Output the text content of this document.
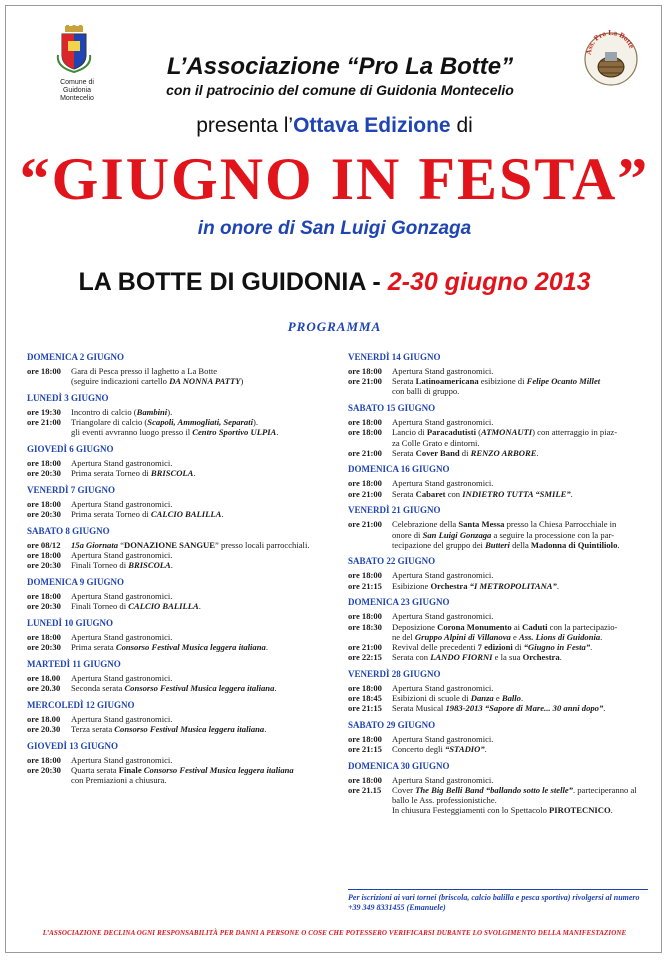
Comune di
Guidonia Montecelio
Ass. Pro La Botte
L’Associazione “Pro La Botte”
con il patrocinio del comune di Guidonia Montecelio
presenta l’Ottava Edizione di
“GIUGNO IN FESTA”
in onore di San Luigi Gonzaga
LA BOTTE DI GUIDONIA - 2-30 giugno 2013
PROGRAMMA
DOMENICA 2 GIUGNO
ore 18:00	Gara di Pesca presso il laghetto a La Botte
(seguire indicazioni cartello DA NONNA PATTY)
LUNEDÌ 3 GIUGNO
ore 19:30	Incontro di calcio (Bambini).
ore 21:00	Triangolare di calcio (Scapoli, Ammogliati, Separati).
gli eventi avvranno luogo presso il Centro Sportivo ULPIA.
GIOVEDÌ 6 GIUGNO
ore 18:00	Apertura Stand gastronomici.
ore 20:30	Prima serata Torneo di BRISCOLA.
VENERDÌ 7 GIUGNO
ore 18:00	Apertura Stand gastronomici.
ore 20:30	Prima serata Torneo di CALCIO BALILLA.
SABATO 8 GIUGNO
ore 08/12	15a Giornata “DONAZIONE SANGUE” presso locali parrocchiali.
ore 18:00	Apertura Stand gastronomici.
ore 20:30	Finali Torneo di BRISCOLA.
DOMENICA 9 GIUGNO
ore 18:00	Apertura Stand gastronomici.
ore 20:30	Finali Torneo di CALCIO BALILLA.
LUNEDÌ 10 GIUGNO
ore 18:00	Apertura Stand gastronomici.
ore 20:30	Prima serata Consorso Festival Musica leggera italiana.
MARTEDÌ 11 GIUGNO
ore 18.00	Apertura Stand gastronomici.
ore 20.30	Seconda serata Consorso Festival Musica leggera italiana.
MERCOLEDÌ 12 GIUGNO
ore 18.00	Apertura Stand gastronomici.
ore 20.30	Terza serata Consorso Festival Musica leggera italiana.
GIOVEDÌ 13 GIUGNO
ore 18:00	Apertura Stand gastronomici.
ore 20:30	Quarta serata Finale Consorso Festival Musica leggera italiana
con Premiazioni a chiusura.
VENERDÌ 14 GIUGNO
ore 18:00	Apertura Stand gastronomici.
ore 21:00	Serata Latinoamericana esibizione di Felipe Ocanto Millet
con balli di gruppo.
SABATO 15 GIUGNO
ore 18:00	Apertura Stand gastronomici.
ore 18:00	Lancio di Paracadutisti (ATMONAUTI) con atterraggio in piaz-
za Colle Grato e dintorni.
ore 21:00	Serata Cover Band di RENZO ARBORE.
DOMENICA 16 GIUGNO
ore 18:00	Apertura Stand gastronomici.
ore 21:00	Serata Cabaret con INDIETRO TUTTA “SMILE”.
VENERDÌ 21 GIUGNO
ore 21:00	Celebrazione della Santa Messa presso la Chiesa Parrocchiale in
onore di San Luigi Gonzaga a seguire la processione con la par-
tecipazione del gruppo dei Butteri della Madonna di Quintiliolo.
SABATO 22 GIUGNO
ore 18:00	Apertura Stand gastronomici.
ore 21:15	Esibizione Orchestra “I METROPOLITANA”.
DOMENICA 23 GIUGNO
ore 18:00	Apertura Stand gastronomici.
ore 18:30	Deposizione Corona Monumento ai Caduti con la partecipazio-
ne del Gruppo Alpini di Villanova e Ass. Lions di Guidonia.
ore 21:00	Revival delle precedenti 7 edizioni di “Giugno in Festa”.
ore 22:15	Serata con LANDO FIORNI e la sua Orchestra.
VENERDÌ 28 GIUGNO
ore 18:00	Apertura Stand gastronomici.
ore 18:45	Esibizioni di scuole di Danza e Ballo.
ore 21:15	Serata Musical 1983-2013 “Sapore di Mare... 30 anni dopo”.
SABATO 29 GIUGNO
ore 18:00	Apertura Stand gastronomici.
ore 21:15	Concerto degli “STADIO”.
DOMENICA 30 GIUGNO
ore 18:00	Apertura Stand gastronomici.
ore 21.15	Cover The Big Belli Band “ballando sotto le stelle”. parteciperanno al
ballo le Ass. professionistiche.
In chiusura Festeggiamenti con lo Spettacolo PIROTECNICO.
Per iscrizioni ai vari tornei (briscola, calcio balilla e pesca sportiva) rivolgersi al numero +39 349 8331455 (Emanuele)
L’ASSOCIAZIONE DECLINA OGNI RESPONSABILITÀ PER DANNI A PERSONE O COSE CHE POTESSERO VERIFICARSI DURANTE LO SVOLGIMENTO DELLA MANIFESTAZIONE
